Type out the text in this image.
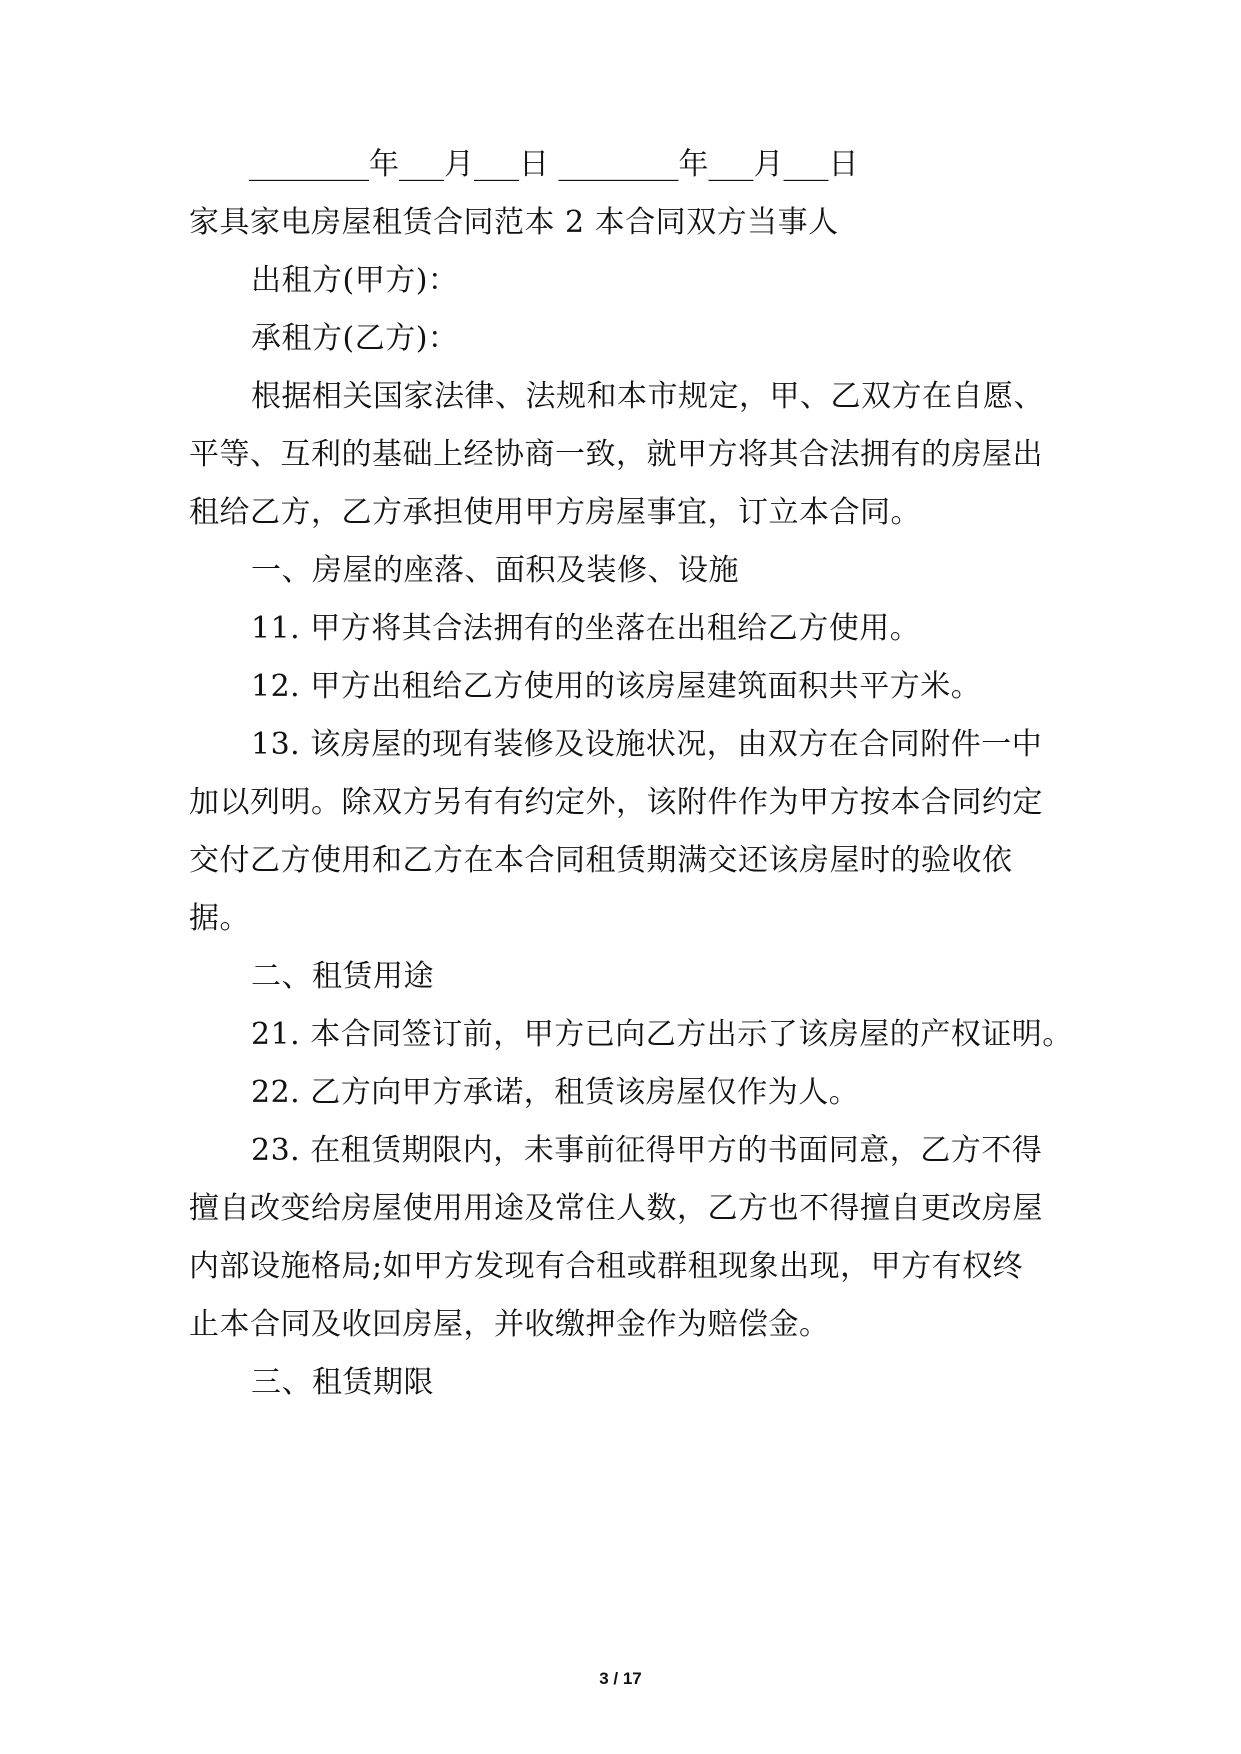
________年___月___日 ________年___月___日
家具家电房屋租赁合同范本 2 本合同双方当事人
出租方(甲方)：
承租方(乙方)：
根据相关国家法律、法规和本市规定，甲、乙双方在自愿、
平等、互利的基础上经协商一致，就甲方将其合法拥有的房屋出
租给乙方，乙方承担使用甲方房屋事宜，订立本合同。
一、房屋的座落、面积及装修、设施
11. 甲方将其合法拥有的坐落在出租给乙方使用。
12. 甲方出租给乙方使用的该房屋建筑面积共平方米。
13. 该房屋的现有装修及设施状况，由双方在合同附件一中
加以列明。除双方另有有约定外，该附件作为甲方按本合同约定
交付乙方使用和乙方在本合同租赁期满交还该房屋时的验收依
据。
二、租赁用途
21. 本合同签订前，甲方已向乙方出示了该房屋的产权证明。
22. 乙方向甲方承诺，租赁该房屋仅作为人。
23. 在租赁期限内，未事前征得甲方的书面同意，乙方不得
擅自改变给房屋使用用途及常住人数，乙方也不得擅自更改房屋
内部设施格局;如甲方发现有合租或群租现象出现，甲方有权终
止本合同及收回房屋，并收缴押金作为赔偿金。
三、租赁期限
3 / 17
